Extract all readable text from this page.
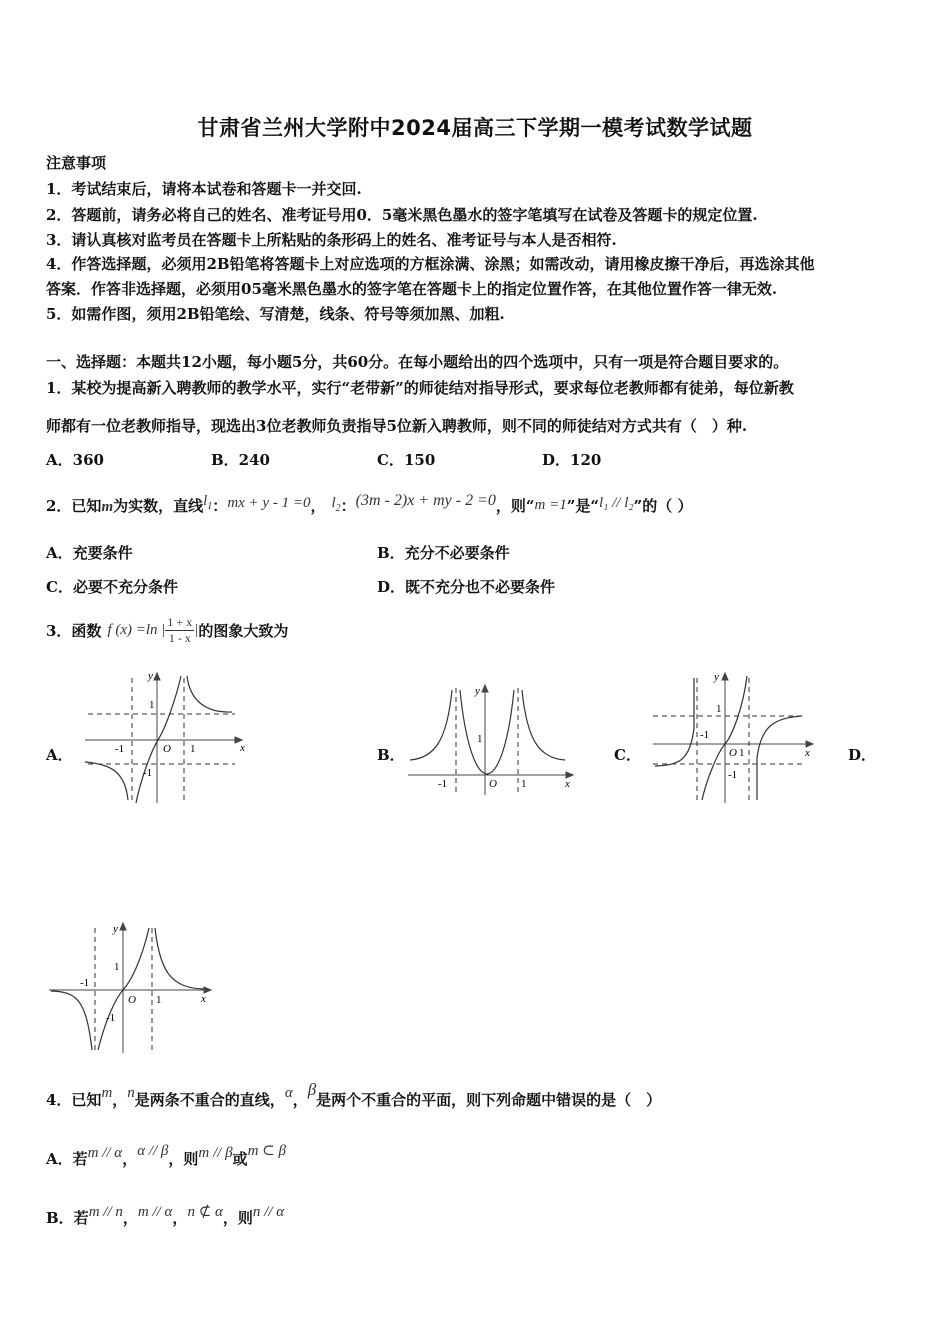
甘肃省兰州大学附中2024届高三下学期一模考试数学试题
注意事项
1．考试结束后，请将本试卷和答题卡一并交回.
2．答题前，请务必将自己的姓名、准考证号用0．5毫米黑色墨水的签字笔填写在试卷及答题卡的规定位置.
3．请认真核对监考员在答题卡上所粘贴的条形码上的姓名、准考证号与本人是否相符.
4．作答选择题，必须用2B铅笔将答题卡上对应选项的方框涂满、涂黑；如需改动，请用橡皮擦干净后，再选涂其他
答案．作答非选择题，必须用05毫米黑色墨水的签字笔在答题卡上的指定位置作答，在其他位置作答一律无效.
5．如需作图，须用2B铅笔绘、写清楚，线条、符号等须加黑、加粗.
一、选择题：本题共12小题，每小题5分，共60分。在每小题给出的四个选项中，只有一项是符合题目要求的。
1．某校为提高新入聘教师的教学水平，实行“老带新”的师徒结对指导形式，要求每位老教师都有徒弟，每位新教
师都有一位老教师指导，现选出3位老教师负责指导5位新入聘教师，则不同的师徒结对方式共有（　）种.
A．360	B．240	C．150	D．120
2．已知m为实数，直线$l_1$：mx + y - 1 =0， $l_2$：(3m - 2)x + my - 2 =0，则“m =1”是“l₁ // l₂”的（ ）
A．充要条件	B．充分不必要条件
C．必要不充分条件	D．既不充分也不必要条件
3．函数 f (x) =ln | $\frac{1 + x}{1 - x}$ | 的图象大致为
A．	B．	C．	D．
y
x
O
1
1
-1
-1
y
x
O
1
1
-1
y
x
O
1
1
-1
-1
y
x
O
1
1
-1
-1
4．已知m，n是两条不重合的直线，α，β是两个不重合的平面，则下列命题中错误的是（　）
A．若m // α，α // β，则m // β或m ⊂ β
B．若m // n，m // α，n ⊄ α，则n // α
